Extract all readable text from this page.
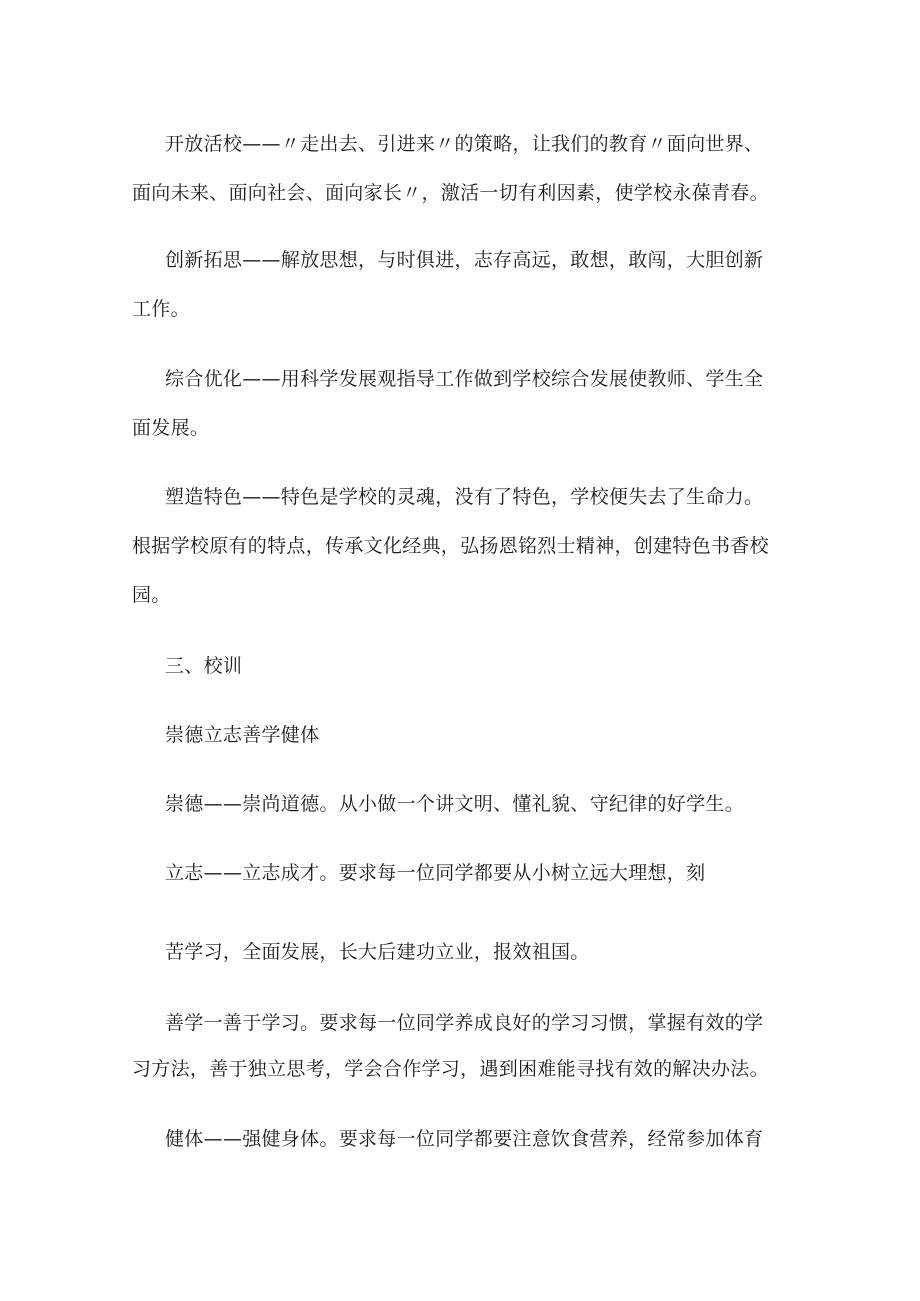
开放活校——〃走出去、引进来〃的策略，让我们的教育〃面向世界、
面向未来、面向社会、面向家长〃，激活一切有利因素，使学校永葆青春。
创新拓思——解放思想，与时俱进，志存高远，敢想，敢闯，大胆创新
工作。
综合优化——用科学发展观指导工作做到学校综合发展使教师、学生全
面发展。
塑造特色——特色是学校的灵魂，没有了特色，学校便失去了生命力。
根据学校原有的特点，传承文化经典，弘扬恩铭烈士精神，创建特色书香校
园。
三、校训
崇德立志善学健体
崇德——崇尚道德。从小做一个讲文明、懂礼貌、守纪律的好学生。
立志——立志成才。要求每一位同学都要从小树立远大理想，刻
苦学习，全面发展，长大后建功立业，报效祖国。
善学一善于学习。要求每一位同学养成良好的学习习惯，掌握有效的学
习方法，善于独立思考，学会合作学习，遇到困难能寻找有效的解决办法。
健体——强健身体。要求每一位同学都要注意饮食营养，经常参加体育
